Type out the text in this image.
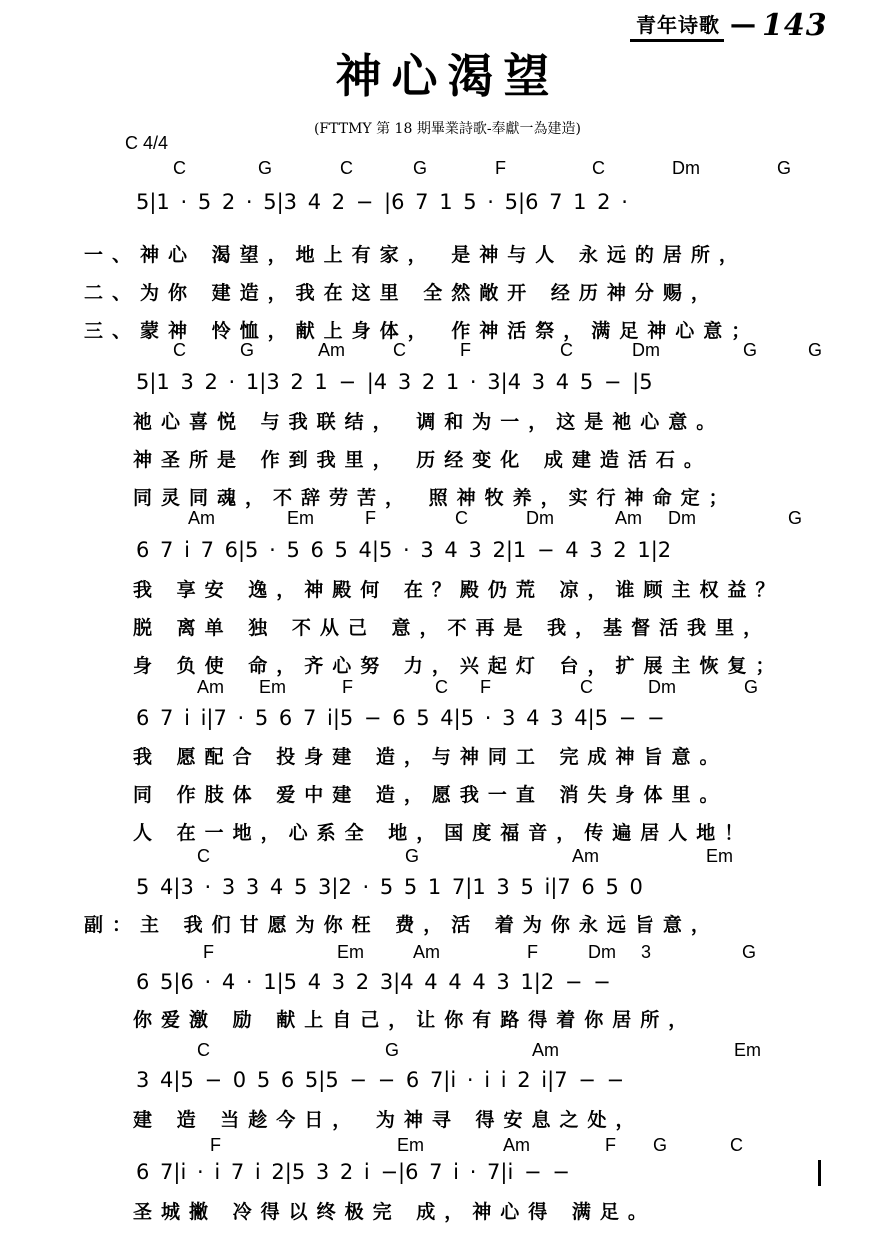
青年诗歌 — 143
神心渴望
(FTTMY 第 18 期畢業詩歌-奉獻一為建造)
C 4/4
C	G	C	G	F	C	Dm	G
5|1 · 5 2 · 5|3 4 2 − |6 7 1 5 · 5|6 7 1 2 ·
一、神心 渴望，地上有家， 是神与人 永远的居所，
二、为你 建造，我在这里 全然敞开 经历神分赐，
三、蒙神 怜恤，献上身体， 作神活祭，满足神心意；
C	G	Am	C	F	C	Dm	G	G
5|1 3 2 · 1|3 2 1 − |4 3 2 1 · 3|4 3 4 5 − |5
祂心喜悦 与我联结， 调和为一，这是祂心意。
神圣所是 作到我里， 历经变化 成建造活石。
同灵同魂，不辞劳苦， 照神牧养，实行神命定；
Am	Em	F	C	Dm	Am Dm	G
6 7 i 7 6|5 · 5 6 5 4|5 · 3 4 3 2|1 − 4 3 2 1|2
我 享安 逸，神殿何 在？殿仍荒 凉，谁顾主权益？
脱 离单 独 不从己 意，不再是 我，基督活我里，
身 负使 命，齐心努 力，兴起灯 台，扩展主恢复；
Am Em	F	C F	C	Dm	G
6 7 i i|7 · 5 6 7 i|5 − 6 5 4|5 · 3 4 3 4|5 − −
我 愿配合 投身建 造，与神同工 完成神旨意。
同 作肢体 爱中建 造，愿我一直 消失身体里。
人 在一地，心系全 地，国度福音，传遍居人地！
C	G	Am	Em
5 4|3 · 3 3 4 5 3|2 · 5 5 1 7|1 3 5 i|7 6 5 0
副：主 我们甘愿为你枉 费，活 着为你永远旨意，
F	Em	Am	F	Dm 3	G
6 5|6 · 4 · 1|5 4 3 2 3|4 4 4 4 3 1|2 − −
你爱激 励 献上自己，让你有路得着你居所，
C	G	Am	Em
3 4|5 − 0 5 6 5|5 − − 6 7|i · i i 2 i|7 − −
建 造 当趁今日， 为神寻 得安息之处，
F	Em	Am	F G	C
6 7|i · i 7 i 2|5 3 2 i −|6 7 i · 7|i − −
圣城撇 冷得以终极完 成，神心得 满足。
